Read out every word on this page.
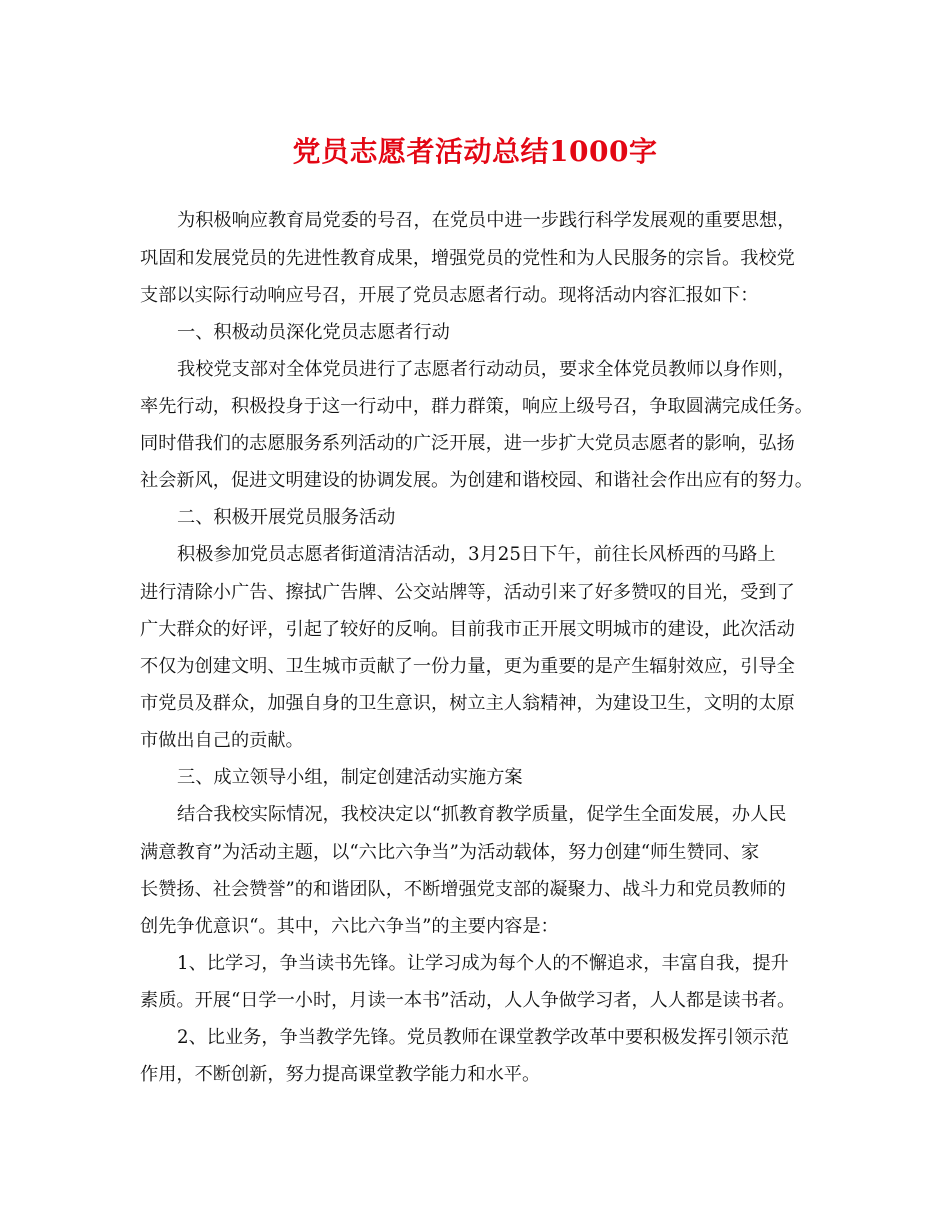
党员志愿者活动总结1000字
为积极响应教育局党委的号召，在党员中进一步践行科学发展观的重要思想，
巩固和发展党员的先进性教育成果，增强党员的党性和为人民服务的宗旨。我校党
支部以实际行动响应号召，开展了党员志愿者行动。现将活动内容汇报如下：
一、积极动员深化党员志愿者行动
我校党支部对全体党员进行了志愿者行动动员，要求全体党员教师以身作则，
率先行动，积极投身于这一行动中，群力群策，响应上级号召，争取圆满完成任务。
同时借我们的志愿服务系列活动的广泛开展，进一步扩大党员志愿者的影响，弘扬
社会新风，促进文明建设的协调发展。为创建和谐校园、和谐社会作出应有的努力。
二、积极开展党员服务活动
积极参加党员志愿者街道清洁活动，3月25日下午，前往长风桥西的马路上
进行清除小广告、擦拭广告牌、公交站牌等，活动引来了好多赞叹的目光，受到了
广大群众的好评，引起了较好的反响。目前我市正开展文明城市的建设，此次活动
不仅为创建文明、卫生城市贡献了一份力量，更为重要的是产生辐射效应，引导全
市党员及群众，加强自身的卫生意识，树立主人翁精神，为建设卫生，文明的太原
市做出自己的贡献。
三、成立领导小组，制定创建活动实施方案
结合我校实际情况，我校决定以“抓教育教学质量，促学生全面发展，办人民
满意教育”为活动主题，以“六比六争当”为活动载体，努力创建“师生赞同、家
长赞扬、社会赞誉”的和谐团队，不断增强党支部的凝聚力、战斗力和党员教师的
创先争优意识“。其中，六比六争当”的主要内容是：
1、比学习，争当读书先锋。让学习成为每个人的不懈追求，丰富自我，提升
素质。开展“日学一小时，月读一本书”活动，人人争做学习者，人人都是读书者。
2、比业务，争当教学先锋。党员教师在课堂教学改革中要积极发挥引领示范
作用，不断创新，努力提高课堂教学能力和水平。
